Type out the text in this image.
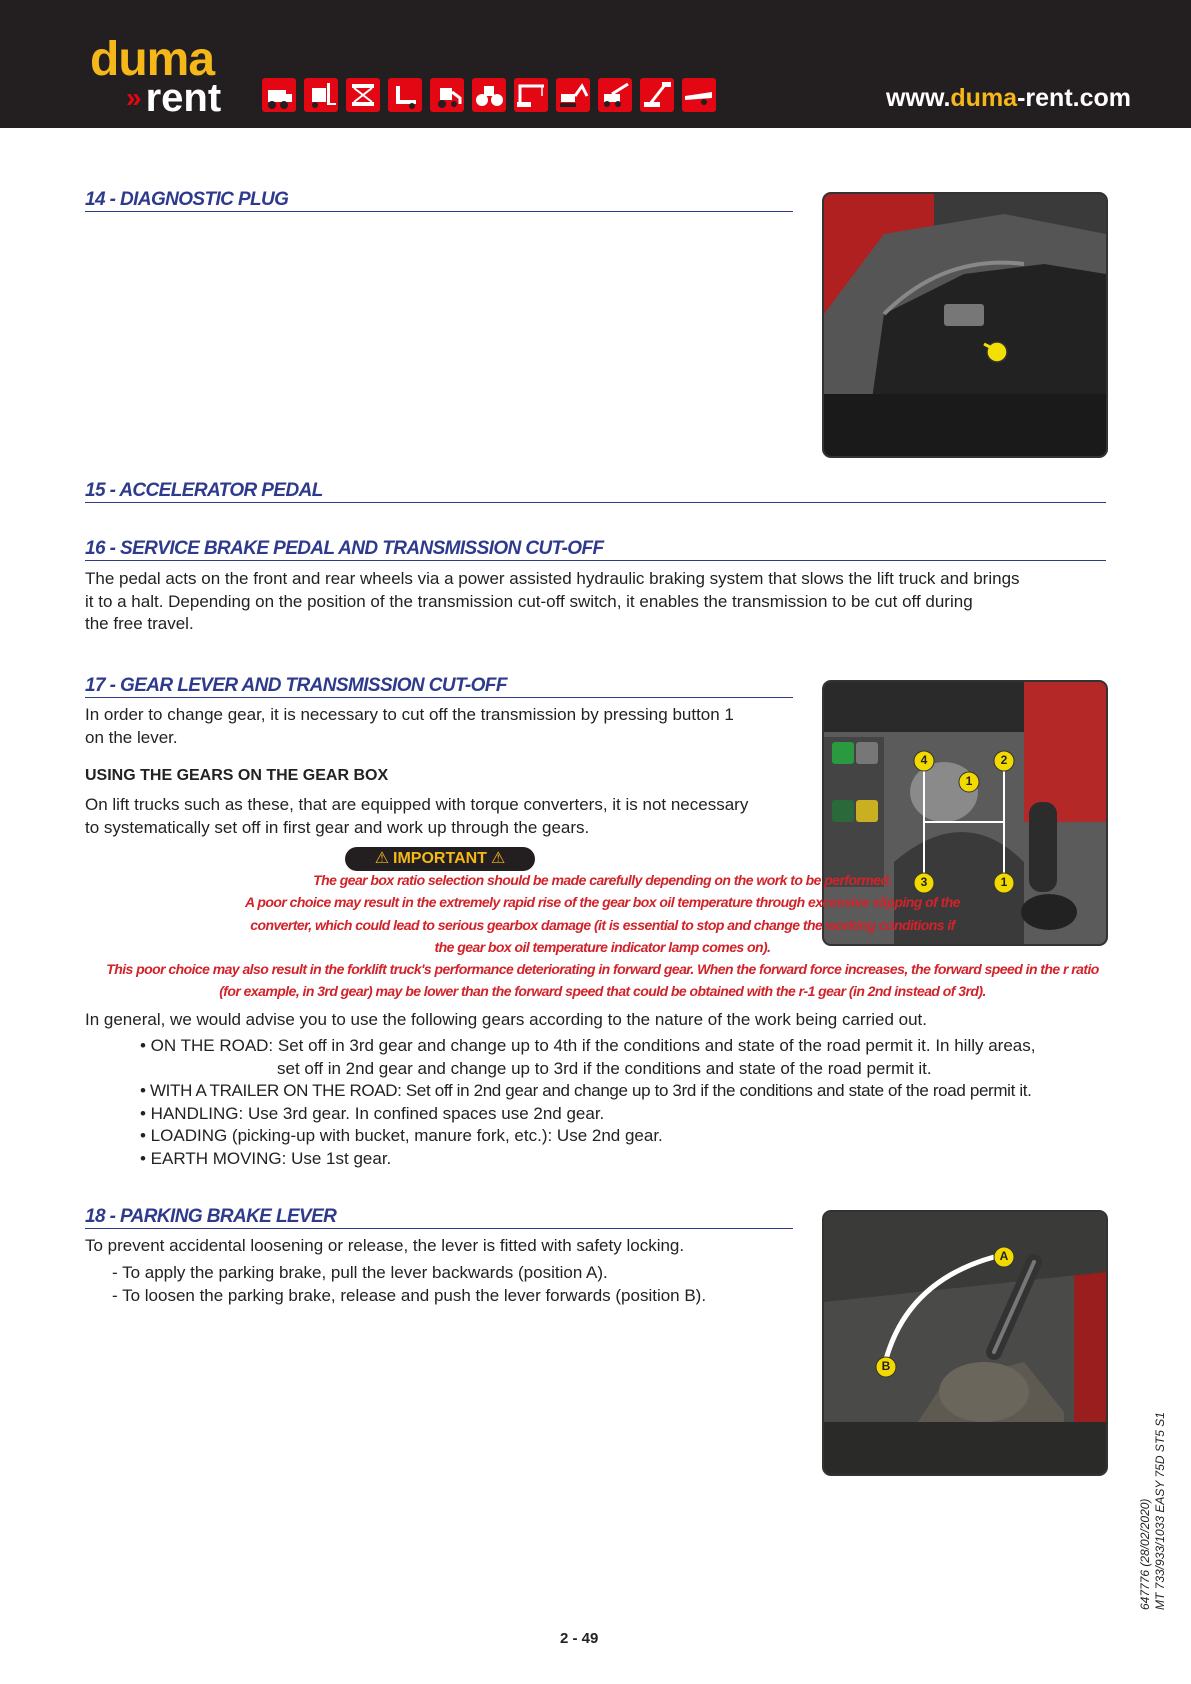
duma
» rent	www.duma-rent.com
14 - DIAGNOSTIC PLUG
15 - ACCELERATOR PEDAL
16 - SERVICE BRAKE PEDAL AND TRANSMISSION CUT-OFF
The pedal acts on the front and rear wheels via a power assisted hydraulic braking system that slows the lift truck and brings
it to a halt. Depending on the position of the transmission cut-off switch, it enables the transmission to be cut off during
the free travel.
17 - GEAR LEVER AND TRANSMISSION CUT-OFF
In order to change gear, it is necessary to cut off the transmission by pressing button 1
on the lever.
USING THE GEARS ON THE GEAR BOX
On lift trucks such as these, that are equipped with torque converters, it is not necessary
to systematically set off in first gear and work up through the gears.
4	2
1
3	1
⚠ IMPORTANT ⚠
The gear box ratio selection should be made carefully depending on the work to be performed.
A poor choice may result in the extremely rapid rise of the gear box oil temperature through excessive slipping of the
converter, which could lead to serious gearbox damage (it is essential to stop and change the working conditions if
the gear box oil temperature indicator lamp comes on).
This poor choice may also result in the forklift truck's performance deteriorating in forward gear. When the forward force increases, the forward speed in the r ratio
(for example, in 3rd gear) may be lower than the forward speed that could be obtained with the r-1 gear (in 2nd instead of 3rd).
In general, we would advise you to use the following gears according to the nature of the work being carried out.
• ON THE ROAD: Set off in 3rd gear and change up to 4th if the conditions and state of the road permit it. In hilly areas,
set off in 2nd gear and change up to 3rd if the conditions and state of the road permit it.
• WITH A TRAILER ON THE ROAD: Set off in 2nd gear and change up to 3rd if the conditions and state of the road permit it.
• HANDLING: Use 3rd gear. In confined spaces use 2nd gear.
• LOADING (picking-up with bucket, manure fork, etc.): Use 2nd gear.
• EARTH MOVING: Use 1st gear.
18 - PARKING BRAKE LEVER
To prevent accidental loosening or release, the lever is fitted with safety locking.
- To apply the parking brake, pull the lever backwards (position A).
- To loosen the parking brake, release and push the lever forwards (position B).
A
B
2 - 49
647776 (28/02/2020) MT 733/933/1033 EASY 75D ST5 S1
